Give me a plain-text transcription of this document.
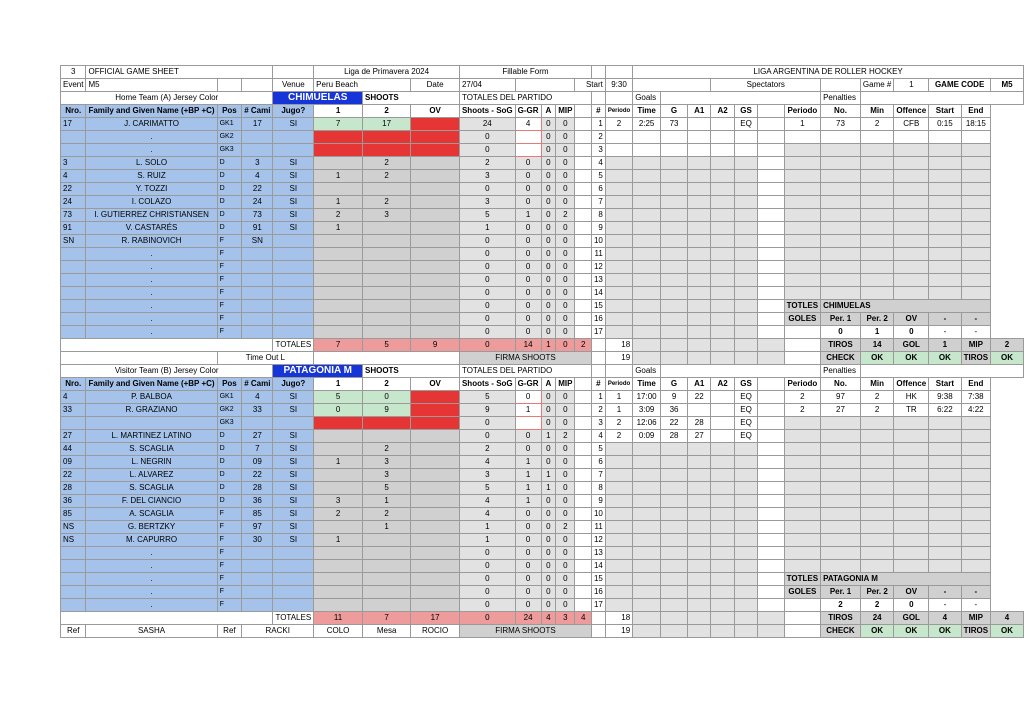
3	OFFICIAL GAME SHEET				Liga de Primavera 2024			Fillable Form							LIGA ARGENTINA DE ROLLER HOCKEY												
Event	M5			Venue	Peru Beach		Date	27/04				Start		9:30				Spectators					Game #	1	GAME CODE		M5
Home Team (A) Jersey Color				CHIMUELAS		SHOOTS		TOTALES DEL PARTIDO							Goals							Penalties					
Nro.	Family and Given Name (+BP +C)	Pos	# Cami	Jugo?	1	2	OV	Shoots - SoG	G-GR	A	MIP		#	Periodo	Time	G	A1	A2	GS		Periodo	No.	Min	Offence	Start	End	
17	J. CARIMATTO	GK1	17	SI	7	17		24	4	0	0		1	2	2:25	73			EQ		1	73	2	CFB	0:15	18:15	
	.	GK2						0		0	0		2														
	.	GK3						0		0	0		3														
3	L. SOLO	D	3	SI		2		2	0	0	0		4														
4	S. RUIZ	D	4	SI	1	2		3	0	0	0		5														
22	Y. TOZZI	D	22	SI				0	0	0	0		6														
24	I. COLAZO	D	24	SI	1	2		3	0	0	0		7														
73	I. GUTIERREZ CHRISTIANSEN	D	73	SI	2	3		5	1	0	2		8														
91	V. CASTARÉS	D	91	SI	1			1	0	0	0		9														
SN	R. RABINOVICH	F	SN					0	0	0	0		10														
	.	F						0	0	0	0		11														
	.	F						0	0	0	0		12														
	.	F						0	0	0	0		13														
	.	F						0	0	0	0		14														
	.	F						0	0	0	0		15								TOTLES	CHIMUELAS					
	.	F						0	0	0	0		16								GOLES	Per. 1	Per. 2	OV	-	-	
	.	F						0	0	0	0		17									0	1	0	-	-	
				TOTALES	7	5	9	0	14	1	0	2		18								TIROS	14	GOL	1	MIP	2
		Time Out L						FIRMA SHOOTS						19								CHECK	OK	OK	OK	TIROS	OK
Visitor Team (B) Jersey Color				PATAGONIA M		SHOOTS		TOTALES DEL PARTIDO							Goals							Penalties					
Nro.	Family and Given Name (+BP +C)	Pos	# Cami	Jugo?	1	2	OV	Shoots - SoG	G-GR	A	MIP		#	Periodo	Time	G	A1	A2	GS		Periodo	No.	Min	Offence	Start	End	
4	P. BALBOA	GK1	4	SI	5	0		5	0	0	0		1	1	17:00	9	22		EQ		2	97	2	HK	9:38	7:38	
33	R. GRAZIANO	GK2	33	SI	0	9		9	1	0	0		2	1	3:09	36			EQ		2	27	2	TR	6:22	4:22	
		GK3						0		0	0		3	2	12:06	22	28		EQ								
27	L. MARTINEZ LATINO	D	27	SI				0	0	1	2		4	2	0:09	28	27		EQ								
44	S. SCAGLIA	D	7	SI		2		2	0	0	0		5														
09	L. NEGRIN	D	09	SI	1	3		4	1	0	0		6														
22	L. ALVAREZ	D	22	SI		3		3	1	1	0		7														
28	S. SCAGLIA	D	28	SI		5		5	1	1	0		8														
36	F. DEL CIANCIO	D	36	SI	3	1		4	1	0	0		9														
85	A. SCAGLIA	F	85	SI	2	2		4	0	0	0		10														
NS	G. BERTZKY	F	97	SI		1		1	0	0	2		11														
NS	M. CAPURRO	F	30	SI	1			1	0	0	0		12														
	.	F						0	0	0	0		13														
	.	F						0	0	0	0		14														
	.	F						0	0	0	0		15								TOTLES	PATAGONIA M					
	.	F						0	0	0	0		16								GOLES	Per. 1	Per. 2	OV	-	-	
	.	F						0	0	0	0		17									2	2	0	-	-	
				TOTALES	11	7	17	0	24	4	3	4		18								TIROS	24	GOL	4	MIP	4
Ref	SASHA	Ref	RACKI		COLO	Mesa	ROCIO	FIRMA SHOOTS						19								CHECK	OK	OK	OK	TIROS	OK
